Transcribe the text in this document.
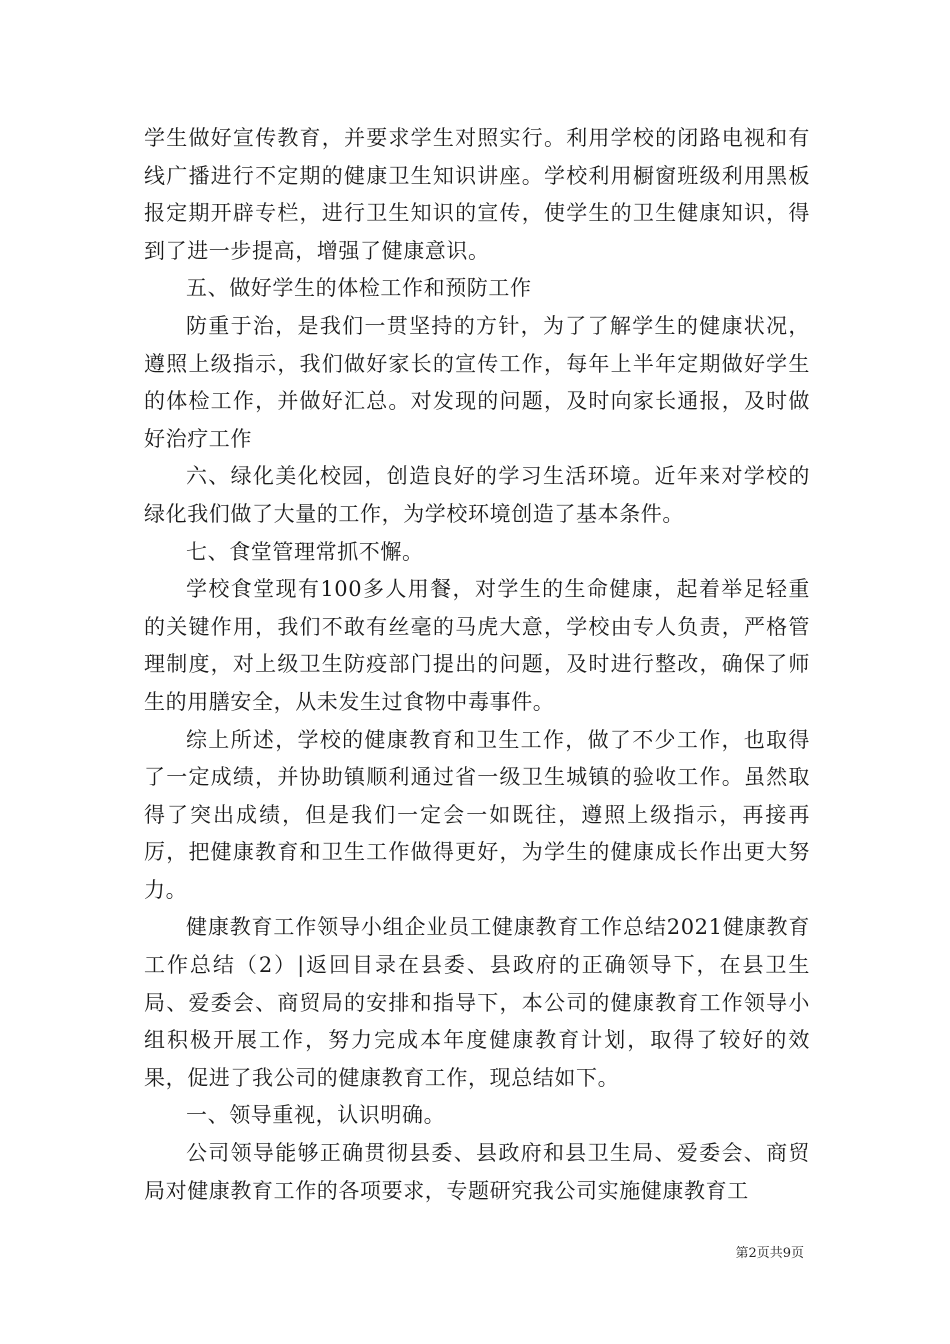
学生做好宣传教育，并要求学生对照实行。利用学校的闭路电视和有线广播进行不定期的健康卫生知识讲座。学校利用橱窗班级利用黑板报定期开辟专栏，进行卫生知识的宣传，使学生的卫生健康知识，得到了进一步提高，增强了健康意识。

五、做好学生的体检工作和预防工作

防重于治，是我们一贯坚持的方针，为了了解学生的健康状况，遵照上级指示，我们做好家长的宣传工作，每年上半年定期做好学生的体检工作，并做好汇总。对发现的问题，及时向家长通报，及时做好治疗工作

六、绿化美化校园，创造良好的学习生活环境。近年来对学校的绿化我们做了大量的工作，为学校环境创造了基本条件。

七、食堂管理常抓不懈。

学校食堂现有100多人用餐，对学生的生命健康，起着举足轻重的关键作用，我们不敢有丝毫的马虎大意，学校由专人负责，严格管理制度，对上级卫生防疫部门提出的问题，及时进行整改，确保了师生的用膳安全，从未发生过食物中毒事件。

综上所述，学校的健康教育和卫生工作，做了不少工作，也取得了一定成绩，并协助镇顺利通过省一级卫生城镇的验收工作。虽然取得了突出成绩，但是我们一定会一如既往，遵照上级指示，再接再厉，把健康教育和卫生工作做得更好，为学生的健康成长作出更大努力。

健康教育工作领导小组企业员工健康教育工作总结2021健康教育工作总结（2）|返回目录在县委、县政府的正确领导下，在县卫生局、爱委会、商贸局的安排和指导下，本公司的健康教育工作领导小组积极开展工作，努力完成本年度健康教育计划，取得了较好的效果，促进了我公司的健康教育工作，现总结如下。

一、领导重视，认识明确。

公司领导能够正确贯彻县委、县政府和县卫生局、爱委会、商贸局对健康教育工作的各项要求，专题研究我公司实施健康教育工

第2页共9页
